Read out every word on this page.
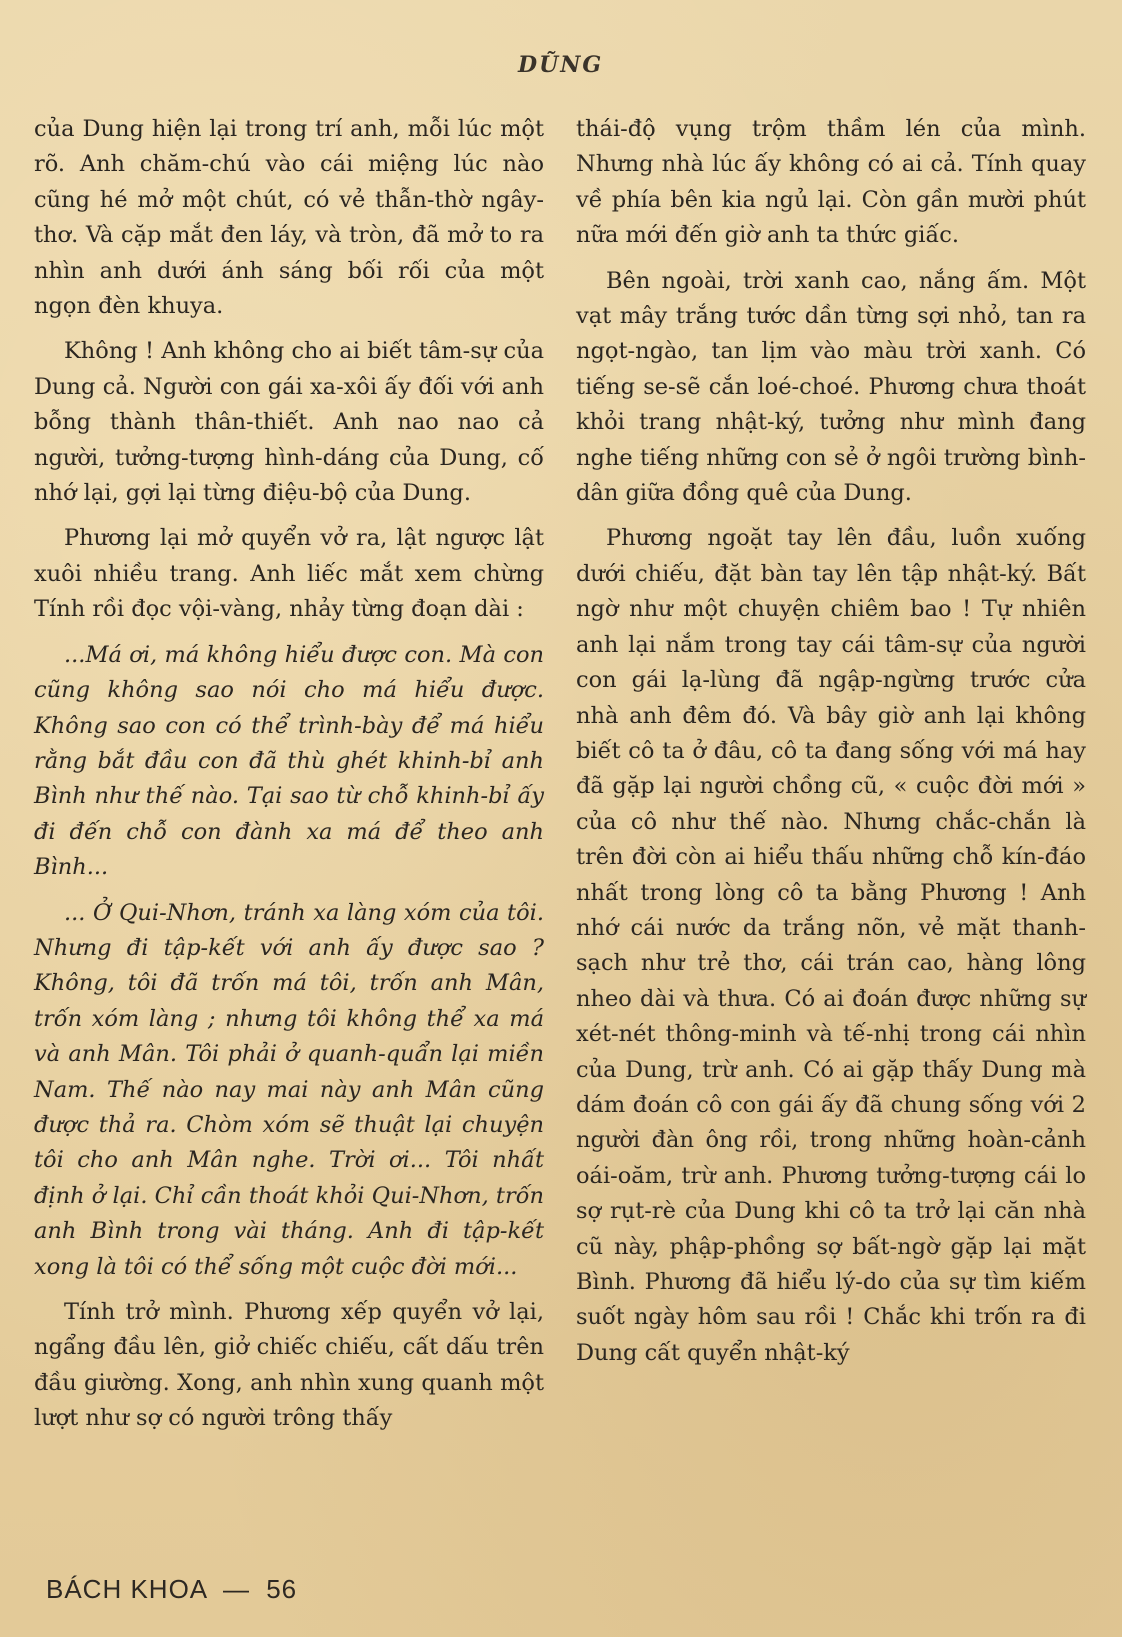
DŨNG

của Dung hiện lại trong trí anh, mỗi lúc một rõ. Anh chăm-chú vào cái miệng lúc nào cũng hé mở một chút, có vẻ thẫn-thờ ngây-thơ. Và cặp mắt đen láy, và tròn, đã mở to ra nhìn anh dưới ánh sáng bối rối của một ngọn đèn khuya.

Không ! Anh không cho ai biết tâm-sự của Dung cả. Người con gái xa-xôi ấy đối với anh bỗng thành thân-thiết. Anh nao nao cả người, tưởng-tượng hình-dáng của Dung, cố nhớ lại, gợi lại từng điệu-bộ của Dung.

Phương lại mở quyển vở ra, lật ngược lật xuôi nhiều trang. Anh liếc mắt xem chừng Tính rồi đọc vội-vàng, nhảy từng đoạn dài :

...Má ơi, má không hiểu được con. Mà con cũng không sao nói cho má hiểu được. Không sao con có thể trình-bày để má hiểu rằng bắt đầu con đã thù ghét khinh-bỉ anh Bình như thế nào. Tại sao từ chỗ khinh-bỉ ấy đi đến chỗ con đành xa má để theo anh Bình...

... Ở Qui-Nhơn, tránh xa làng xóm của tôi. Nhưng đi tập-kết với anh ấy được sao ? Không, tôi đã trốn má tôi, trốn anh Mân, trốn xóm làng ; nhưng tôi không thể xa má và anh Mân. Tôi phải ở quanh-quẩn lại miền Nam. Thế nào nay mai này anh Mân cũng được thả ra. Chòm xóm sẽ thuật lại chuyện tôi cho anh Mân nghe. Trời ơi... Tôi nhất định ở lại. Chỉ cần thoát khỏi Qui-Nhơn, trốn anh Bình trong vài tháng. Anh đi tập-kết xong là tôi có thể sống một cuộc đời mới...

Tính trở mình. Phương xếp quyển vở lại, ngẩng đầu lên, giở chiếc chiếu, cất dấu trên đầu giường. Xong, anh nhìn xung quanh một lượt như sợ có người trông thấy

thái-độ vụng trộm thầm lén của mình. Nhưng nhà lúc ấy không có ai cả. Tính quay về phía bên kia ngủ lại. Còn gần mười phút nữa mới đến giờ anh ta thức giấc.

Bên ngoài, trời xanh cao, nắng ấm. Một vạt mây trắng tước dần từng sợi nhỏ, tan ra ngọt-ngào, tan lịm vào màu trời xanh. Có tiếng se-sẽ cắn loé-choé. Phương chưa thoát khỏi trang nhật-ký, tưởng như mình đang nghe tiếng những con sẻ ở ngôi trường bình-dân giữa đồng quê của Dung.

Phương ngoặt tay lên đầu, luồn xuống dưới chiếu, đặt bàn tay lên tập nhật-ký. Bất ngờ như một chuyện chiêm bao ! Tự nhiên anh lại nắm trong tay cái tâm-sự của người con gái lạ-lùng đã ngập-ngừng trước cửa nhà anh đêm đó. Và bây giờ anh lại không biết cô ta ở đâu, cô ta đang sống với má hay đã gặp lại người chồng cũ, « cuộc đời mới » của cô như thế nào. Nhưng chắc-chắn là trên đời còn ai hiểu thấu những chỗ kín-đáo nhất trong lòng cô ta bằng Phương ! Anh nhớ cái nước da trắng nõn, vẻ mặt thanh-sạch như trẻ thơ, cái trán cao, hàng lông nheo dài và thưa. Có ai đoán được những sự xét-nét thông-minh và tế-nhị trong cái nhìn của Dung, trừ anh. Có ai gặp thấy Dung mà dám đoán cô con gái ấy đã chung sống với 2 người đàn ông rồi, trong những hoàn-cảnh oái-oăm, trừ anh. Phương tưởng-tượng cái lo sợ rụt-rè của Dung khi cô ta trở lại căn nhà cũ này, phập-phồng sợ bất-ngờ gặp lại mặt Bình. Phương đã hiểu lý-do của sự tìm kiếm suốt ngày hôm sau rồi ! Chắc khi trốn ra đi Dung cất quyển nhật-ký

BÁCH KHOA — 56
